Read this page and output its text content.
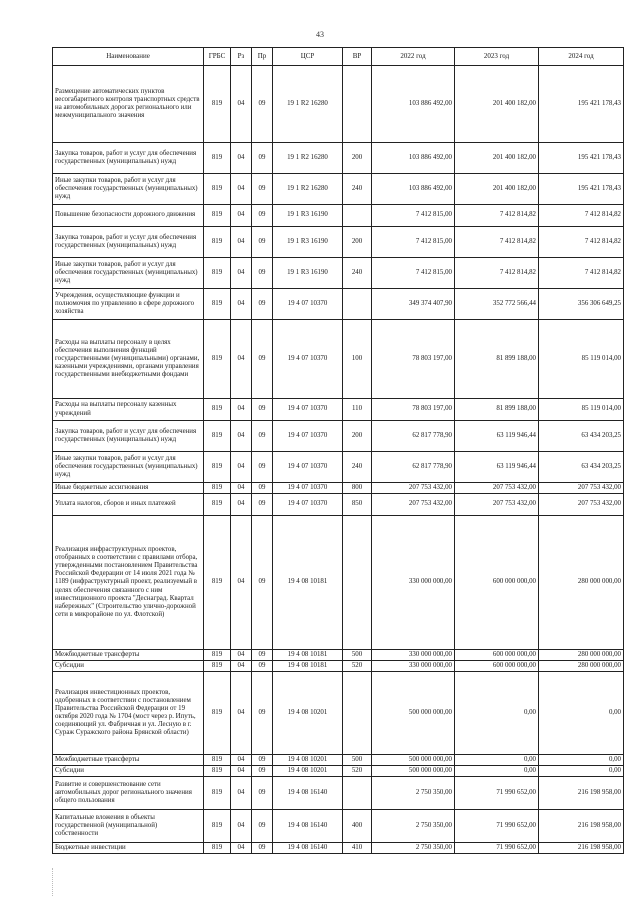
43
Наименование	ГРБС	Рз	Пр	ЦСР	ВР	2022 год	2023 год	2024 год
Размещение автоматических пунктов весогабаритного контроля транспортных средств на автомобильных дорогах регионального или межмуниципального значения	819	04	09	19 1 R2 16280		103 886 492,00	201 400 182,00	195 421 178,43
Закупка товаров, работ и услуг для обеспечения государственных (муниципальных) нужд	819	04	09	19 1 R2 16280	200	103 886 492,00	201 400 182,00	195 421 178,43
Иные закупки товаров, работ и услуг для обеспечения государственных (муниципальных) нужд	819	04	09	19 1 R2 16280	240	103 886 492,00	201 400 182,00	195 421 178,43
Повышение безопасности дорожного движения	819	04	09	19 1 R3 16190		7 412 815,00	7 412 814,82	7 412 814,82
Закупка товаров, работ и услуг для обеспечения государственных (муниципальных) нужд	819	04	09	19 1 R3 16190	200	7 412 815,00	7 412 814,82	7 412 814,82
Иные закупки товаров, работ и услуг для обеспечения государственных (муниципальных) нужд	819	04	09	19 1 R3 16190	240	7 412 815,00	7 412 814,82	7 412 814,82
Учреждения, осуществляющие функции и полномочия по управлению в сфере дорожного хозяйства	819	04	09	19 4 07 10370		349 374 407,90	352 772 566,44	356 306 649,25
Расходы на выплаты персоналу в целях обеспечения выполнения функций государственными (муниципальными) органами, казенными учреждениями, органами управления государственными внебюджетными фондами	819	04	09	19 4 07 10370	100	78 803 197,00	81 899 188,00	85 119 014,00
Расходы на выплаты персоналу казенных учреждений	819	04	09	19 4 07 10370	110	78 803 197,00	81 899 188,00	85 119 014,00
Закупка товаров, работ и услуг для обеспечения государственных (муниципальных) нужд	819	04	09	19 4 07 10370	200	62 817 778,90	63 119 946,44	63 434 203,25
Иные закупки товаров, работ и услуг для обеспечения государственных (муниципальных) нужд	819	04	09	19 4 07 10370	240	62 817 778,90	63 119 946,44	63 434 203,25
Иные бюджетные ассигнования	819	04	09	19 4 07 10370	800	207 753 432,00	207 753 432,00	207 753 432,00
Уплата налогов, сборов и иных платежей	819	04	09	19 4 07 10370	850	207 753 432,00	207 753 432,00	207 753 432,00
Реализация инфраструктурных проектов, отобранных в соответствии с правилами отбора, утвержденными постановлением Правительства Российской Федерации от 14 июля 2021 года № 1189 (инфраструктурный проект, реализуемый в целях обеспечения связанного с ним инвестиционного проекта "Деснаград. Квартал набережных" (Строительство улично-дорожной сети в микрорайоне по ул. Флотской)	819	04	09	19 4 08 10181		330 000 000,00	600 000 000,00	280 000 000,00
Межбюджетные трансферты	819	04	09	19 4 08 10181	500	330 000 000,00	600 000 000,00	280 000 000,00
Субсидии	819	04	09	19 4 08 10181	520	330 000 000,00	600 000 000,00	280 000 000,00
Реализация инвестиционных проектов, одобренных в соответствии с постановлением Правительства Российской Федерации от 19 октября 2020 года № 1704 (мост через р. Ипуть, соединяющий ул. Фабричная и ул. Лесную в г. Сураж Суражского района Брянской области)	819	04	09	19 4 08 10201		500 000 000,00	0,00	0,00
Межбюджетные трансферты	819	04	09	19 4 08 10201	500	500 000 000,00	0,00	0,00
Субсидии	819	04	09	19 4 08 10201	520	500 000 000,00	0,00	0,00
Развитие и совершенствование сети автомобильных дорог регионального значения общего пользования	819	04	09	19 4 08 16140		2 750 350,00	71 990 652,00	216 198 958,00
Капитальные вложения в объекты государственной (муниципальной) собственности	819	04	09	19 4 08 16140	400	2 750 350,00	71 990 652,00	216 198 958,00
Бюджетные инвестиции	819	04	09	19 4 08 16140	410	2 750 350,00	71 990 652,00	216 198 958,00
